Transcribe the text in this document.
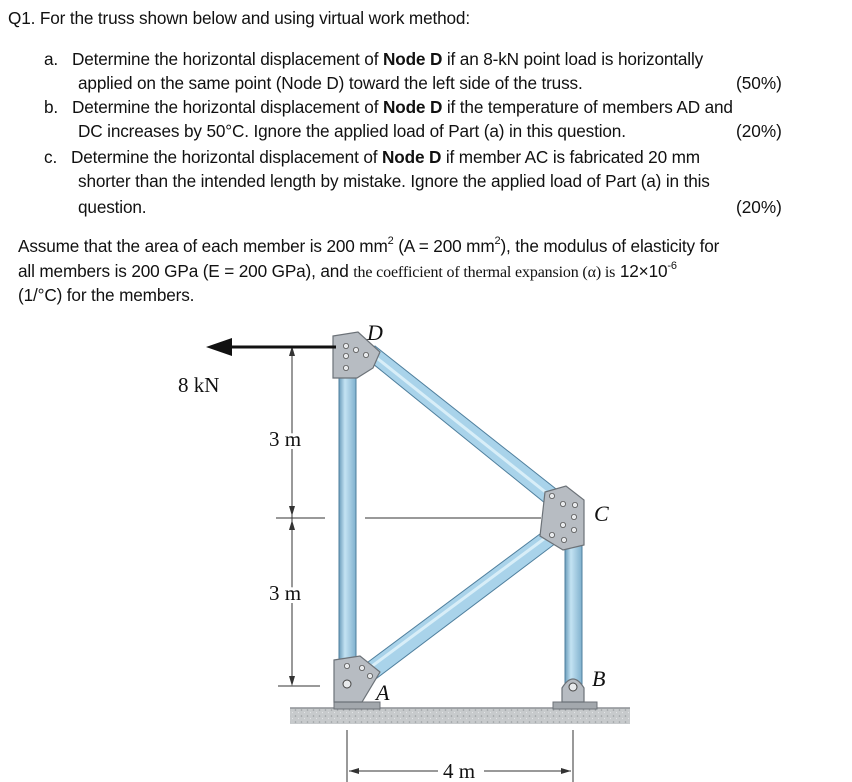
Q1. For the truss shown below and using virtual work method:
a. Determine the horizontal displacement of Node D if an 8-kN point load is horizontally
applied on the same point (Node D) toward the left side of the truss.	(50%)
b. Determine the horizontal displacement of Node D if the temperature of members AD and
DC increases by 50°C. Ignore the applied load of Part (a) in this question.	(20%)
c. Determine the horizontal displacement of Node D if member AC is fabricated 20 mm
shorter than the intended length by mistake. Ignore the applied load of Part (a) in this
question.	(20%)
Assume that the area of each member is 200 $mm^2$ (A = 200 $mm^2$), the modulus of elasticity for
all members is 200 GPa (E = 200 GPa), and the coefficient of thermal expansion (α) is $12\times 10^{-6}$
(1/°C) for the members.
8 kN
3 m
3 m
4 m
D
C
B
A
